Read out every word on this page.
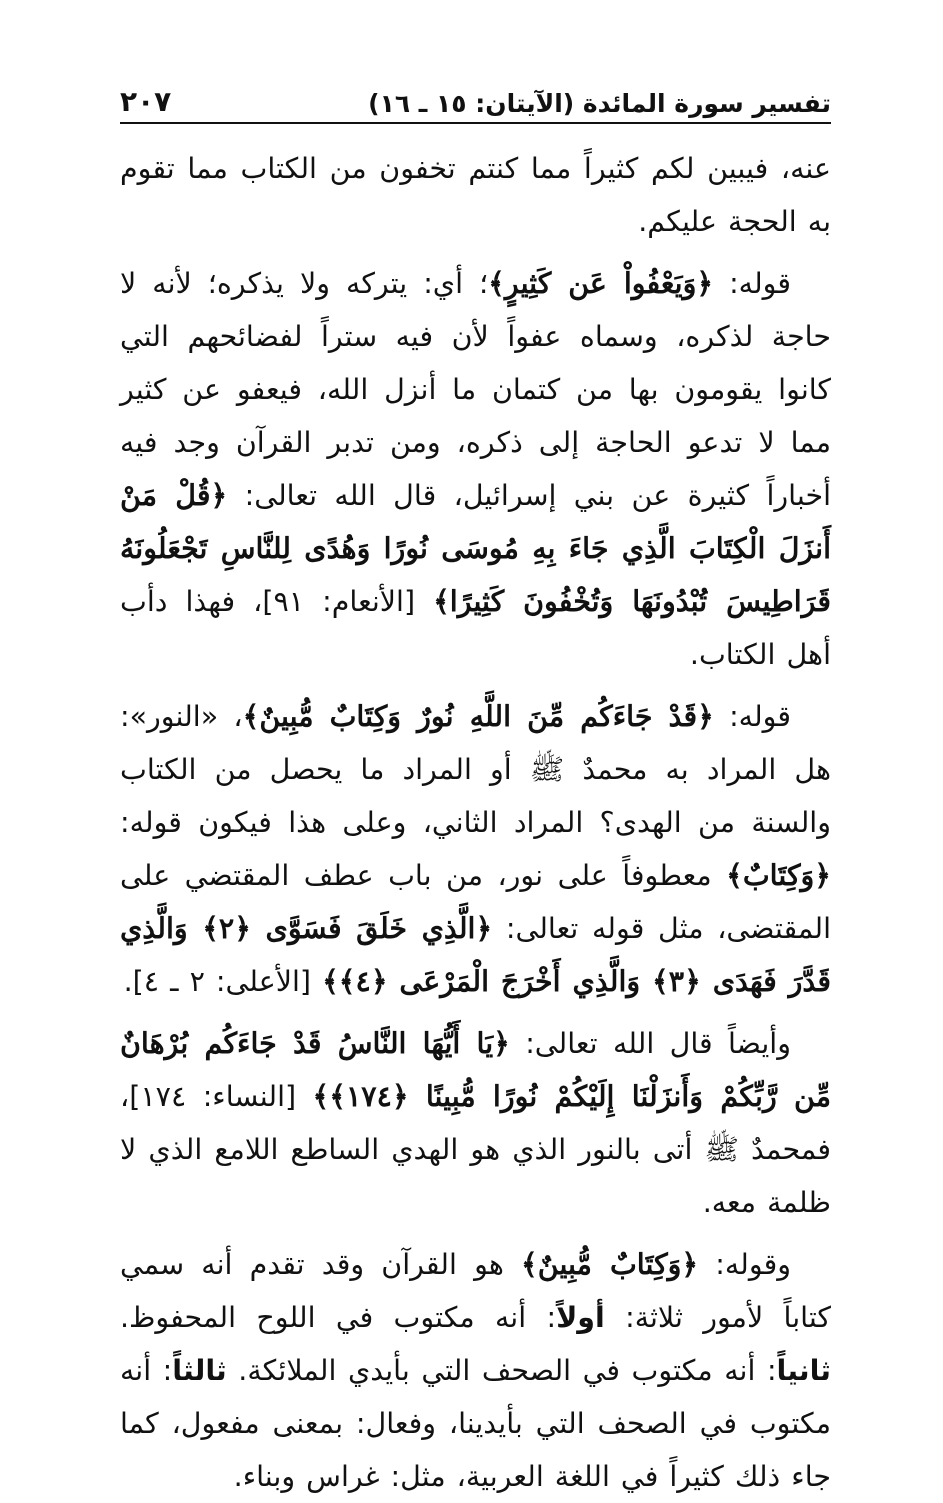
تفسير سورة المائدة (الآيتان: ١٥ ـ ١٦)
٢٠٧

عنه، فيبين لكم كثيراً مما كنتم تخفون من الكتاب مما تقوم به الحجة عليكم.

قوله: ﴿وَيَعْفُواْ عَن كَثِيرٍ﴾؛ أي: يتركه ولا يذكره؛ لأنه لا حاجة لذكره، وسماه عفواً لأن فيه ستراً لفضائحهم التي كانوا يقومون بها من كتمان ما أنزل الله، فيعفو عن كثير مما لا تدعو الحاجة إلى ذكره، ومن تدبر القرآن وجد فيه أخباراً كثيرة عن بني إسرائيل، قال الله تعالى: ﴿قُلْ مَنْ أَنزَلَ الْكِتَابَ الَّذِي جَاءَ بِهِ مُوسَى نُورًا وَهُدًى لِلنَّاسِ تَجْعَلُونَهُ قَرَاطِيسَ تُبْدُونَهَا وَتُخْفُونَ كَثِيرًا﴾ [الأنعام: ٩١]، فهذا دأب أهل الكتاب.

قوله: ﴿قَدْ جَاءَكُم مِّنَ اللَّهِ نُورٌ وَكِتَابٌ مُّبِينٌ﴾، «النور»: هل المراد به محمدٌ ﷺ أو المراد ما يحصل من الكتاب والسنة من الهدى؟ المراد الثاني، وعلى هذا فيكون قوله: ﴿وَكِتَابٌ﴾ معطوفاً على نور، من باب عطف المقتضي على المقتضى، مثل قوله تعالى: ﴿الَّذِي خَلَقَ فَسَوَّى ﴿٢﴾ وَالَّذِي قَدَّرَ فَهَدَى ﴿٣﴾ وَالَّذِي أَخْرَجَ الْمَرْعَى ﴿٤﴾﴾ [الأعلى: ٢ ـ ٤].

وأيضاً قال الله تعالى: ﴿يَا أَيُّهَا النَّاسُ قَدْ جَاءَكُم بُرْهَانٌ مِّن رَّبِّكُمْ وَأَنزَلْنَا إِلَيْكُمْ نُورًا مُّبِينًا ﴿١٧٤﴾﴾ [النساء: ١٧٤]، فمحمدٌ ﷺ أتى بالنور الذي هو الهدي الساطع اللامع الذي لا ظلمة معه.

وقوله: ﴿وَكِتَابٌ مُّبِينٌ﴾ هو القرآن وقد تقدم أنه سمي كتاباً لأمور ثلاثة: أولاً: أنه مكتوب في اللوح المحفوظ. ثانياً: أنه مكتوب في الصحف التي بأيدي الملائكة. ثالثاً: أنه مكتوب في الصحف التي بأيدينا، وفعال: بمعنى مفعول، كما جاء ذلك كثيراً في اللغة العربية، مثل: غراس وبناء.
